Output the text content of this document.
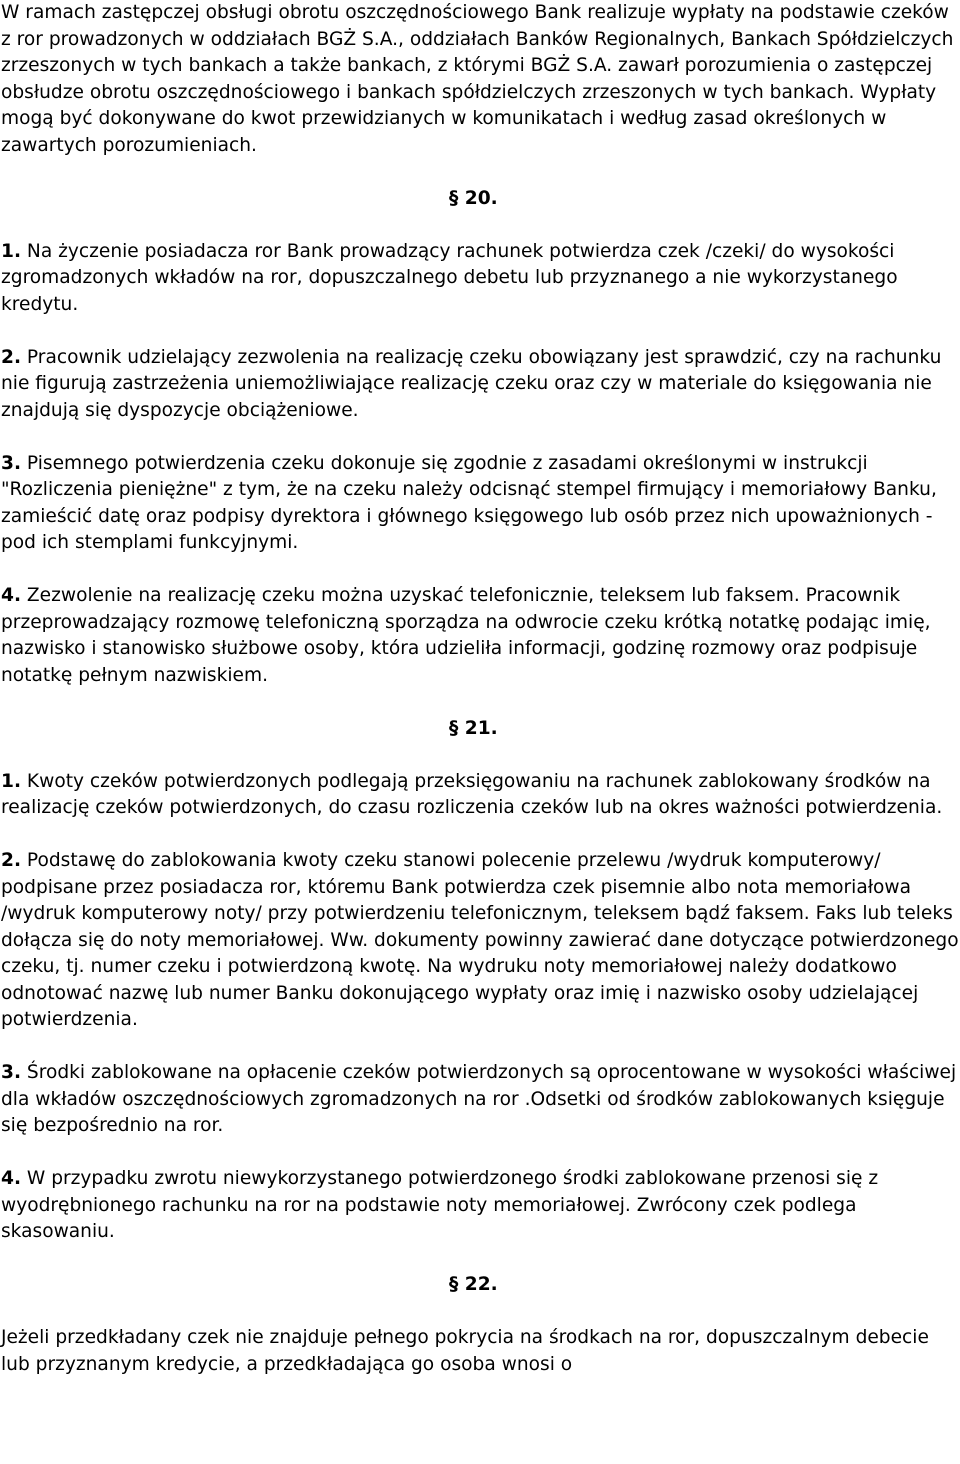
W ramach zastępczej obsługi obrotu oszczędnościowego Bank realizuje wypłaty na podstawie czeków z ror prowadzonych w oddziałach BGŻ S.A., oddziałach Banków Regionalnych, Bankach Spółdzielczych zrzeszonych w tych bankach a także bankach, z którymi BGŻ S.A. zawarł porozumienia o zastępczej obsłudze obrotu oszczędnościowego i bankach spółdzielczych zrzeszonych w tych bankach. Wypłaty mogą być dokonywane do kwot przewidzianych w komunikatach i według zasad określonych w zawartych porozumieniach.

§ 20.

1. Na życzenie posiadacza ror Bank prowadzący rachunek potwierdza czek /czeki/ do wysokości zgromadzonych wkładów na ror, dopuszczalnego debetu lub przyznanego a nie wykorzystanego kredytu.

2. Pracownik udzielający zezwolenia na realizację czeku obowiązany jest sprawdzić, czy na rachunku nie figurują zastrzeżenia uniemożliwiające realizację czeku oraz czy w materiale do księgowania nie znajdują się dyspozycje obciążeniowe.

3. Pisemnego potwierdzenia czeku dokonuje się zgodnie z zasadami określonymi w instrukcji "Rozliczenia pieniężne" z tym, że na czeku należy odcisnąć stempel firmujący i memoriałowy Banku, zamieścić datę oraz podpisy dyrektora i głównego księgowego lub osób przez nich upoważnionych - pod ich stemplami funkcyjnymi.

4. Zezwolenie na realizację czeku można uzyskać telefonicznie, teleksem lub faksem. Pracownik przeprowadzający rozmowę telefoniczną sporządza na odwrocie czeku krótką notatkę podając imię, nazwisko i stanowisko służbowe osoby, która udzieliła informacji, godzinę rozmowy oraz podpisuje notatkę pełnym nazwiskiem.

§ 21.

1. Kwoty czeków potwierdzonych podlegają przeksięgowaniu na rachunek zablokowany środków na realizację czeków potwierdzonych, do czasu rozliczenia czeków lub na okres ważności potwierdzenia.

2. Podstawę do zablokowania kwoty czeku stanowi polecenie przelewu /wydruk komputerowy/ podpisane przez posiadacza ror, któremu Bank potwierdza czek pisemnie albo nota memoriałowa /wydruk komputerowy noty/ przy potwierdzeniu telefonicznym, teleksem bądź faksem. Faks lub teleks dołącza się do noty memoriałowej. Ww. dokumenty powinny zawierać dane dotyczące potwierdzonego czeku, tj. numer czeku i potwierdzoną kwotę. Na wydruku noty memoriałowej należy dodatkowo odnotować nazwę lub numer Banku dokonującego wypłaty oraz imię i nazwisko osoby udzielającej potwierdzenia.

3. Środki zablokowane na opłacenie czeków potwierdzonych są oprocentowane w wysokości właściwej dla wkładów oszczędnościowych zgromadzonych na ror .Odsetki od środków zablokowanych księguje się bezpośrednio na ror.

4. W przypadku zwrotu niewykorzystanego potwierdzonego środki zablokowane przenosi się z wyodrębnionego rachunku na ror na podstawie noty memoriałowej. Zwrócony czek podlega skasowaniu.

§ 22.

Jeżeli przedkładany czek nie znajduje pełnego pokrycia na środkach na ror, dopuszczalnym debecie lub przyznanym kredycie, a przedkładająca go osoba wnosi o
